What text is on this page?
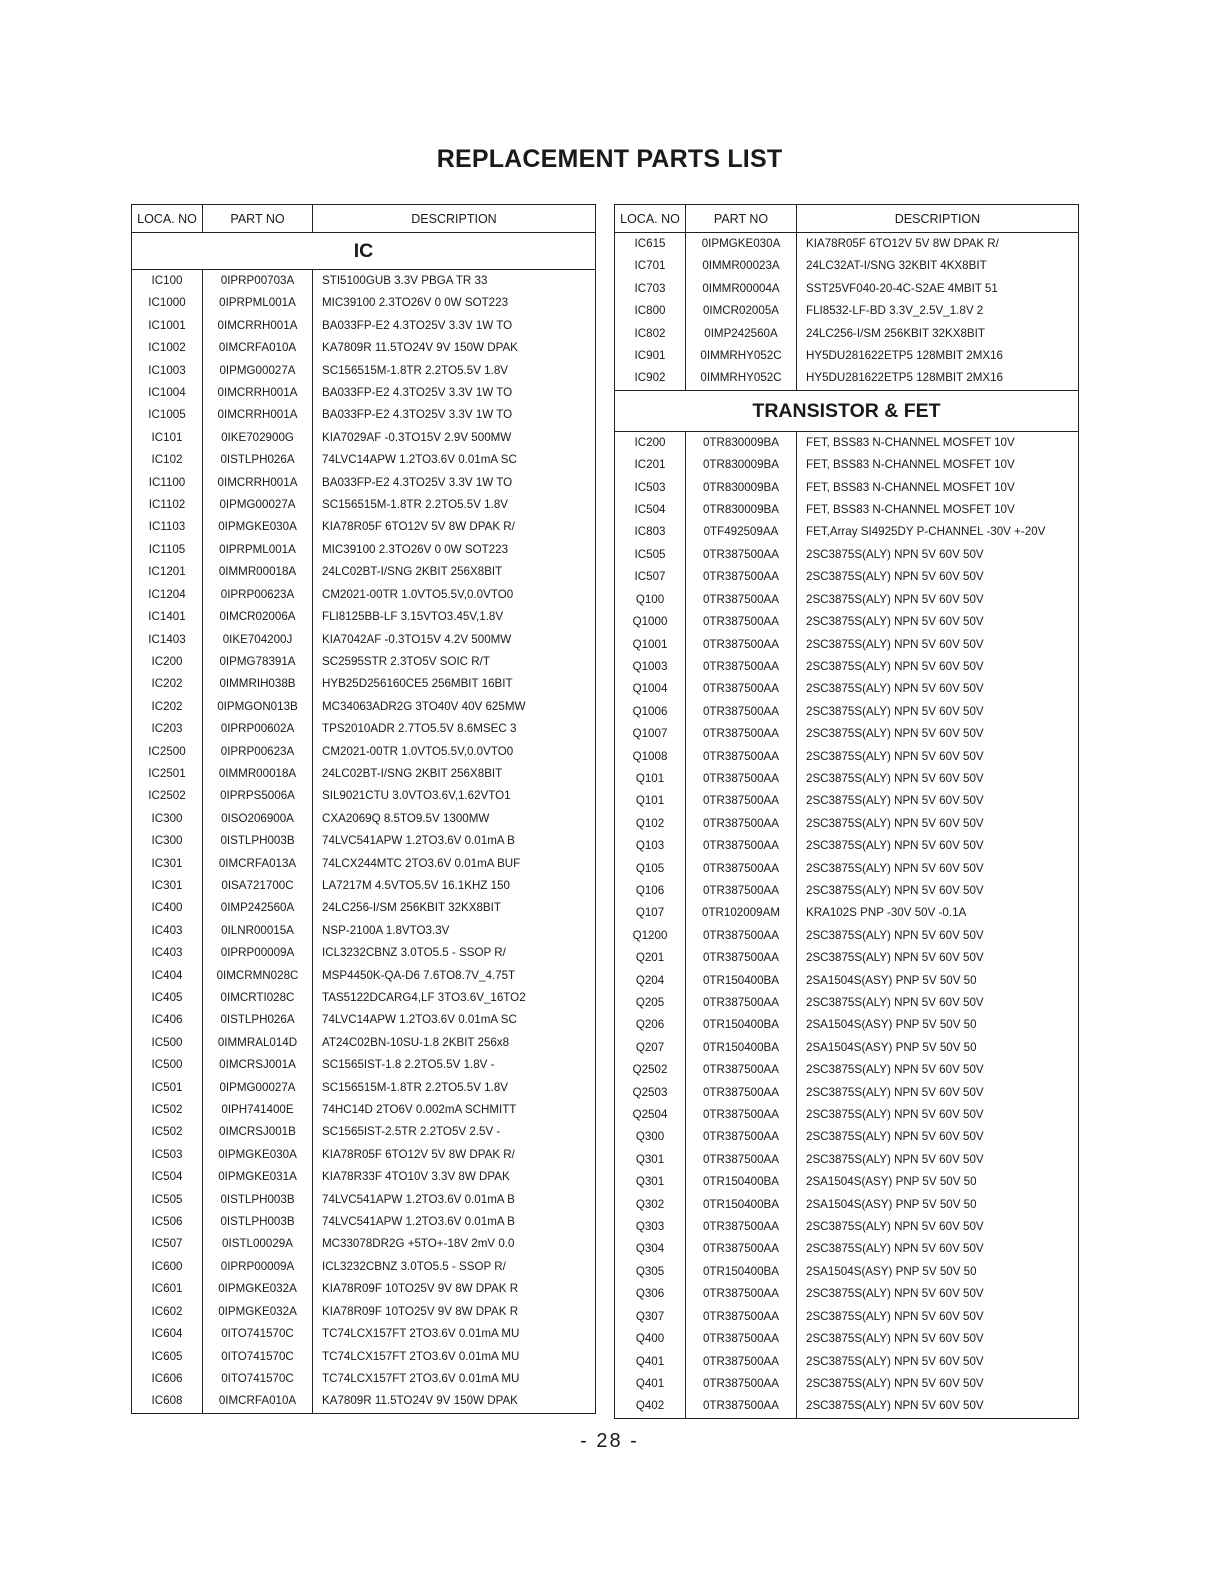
REPLACEMENT PARTS LIST
LOCA. NO	PART NO	DESCRIPTION
IC		
IC100	0IPRP00703A	STI5100GUB 3.3V PBGA TR 33
IC1000	0IPRPML001A	MIC39100 2.3TO26V 0 0W SOT223
IC1001	0IMCRRH001A	BA033FP-E2 4.3TO25V 3.3V 1W TO
IC1002	0IMCRFA010A	KA7809R 11.5TO24V 9V 150W DPAK
IC1003	0IPMG00027A	SC156515M-1.8TR 2.2TO5.5V 1.8V
IC1004	0IMCRRH001A	BA033FP-E2 4.3TO25V 3.3V 1W TO
IC1005	0IMCRRH001A	BA033FP-E2 4.3TO25V 3.3V 1W TO
IC101	0IKE702900G	KIA7029AF -0.3TO15V 2.9V 500MW
IC102	0ISTLPH026A	74LVC14APW 1.2TO3.6V 0.01mA SC
IC1100	0IMCRRH001A	BA033FP-E2 4.3TO25V 3.3V 1W TO
IC1102	0IPMG00027A	SC156515M-1.8TR 2.2TO5.5V 1.8V
IC1103	0IPMGKE030A	KIA78R05F 6TO12V 5V 8W DPAK R/
IC1105	0IPRPML001A	MIC39100 2.3TO26V 0 0W SOT223
IC1201	0IMMR00018A	24LC02BT-I/SNG 2KBIT 256X8BIT
IC1204	0IPRP00623A	CM2021-00TR 1.0VTO5.5V,0.0VTO0
IC1401	0IMCR02006A	FLI8125BB-LF 3.15VTO3.45V,1.8V
IC1403	0IKE704200J	KIA7042AF -0.3TO15V 4.2V 500MW
IC200	0IPMG78391A	SC2595STR 2.3TO5V SOIC R/T
IC202	0IMMRIH038B	HYB25D256160CE5 256MBIT 16BIT
IC202	0IPMGON013B	MC34063ADR2G 3TO40V 40V 625MW
IC203	0IPRP00602A	TPS2010ADR 2.7TO5.5V 8.6MSEC 3
IC2500	0IPRP00623A	CM2021-00TR 1.0VTO5.5V,0.0VTO0
IC2501	0IMMR00018A	24LC02BT-I/SNG 2KBIT 256X8BIT
IC2502	0IPRPS5006A	SIL9021CTU 3.0VTO3.6V,1.62VTO1
IC300	0ISO206900A	CXA2069Q 8.5TO9.5V 1300MW
IC300	0ISTLPH003B	74LVC541APW 1.2TO3.6V 0.01mA B
IC301	0IMCRFA013A	74LCX244MTC 2TO3.6V 0.01mA BUF
IC301	0ISA721700C	LA7217M 4.5VTO5.5V 16.1KHZ 150
IC400	0IMP242560A	24LC256-I/SM 256KBIT 32KX8BIT
IC403	0ILNR00015A	NSP-2100A 1.8VTO3.3V
IC403	0IPRP00009A	ICL3232CBNZ 3.0TO5.5 - SSOP R/
IC404	0IMCRMN028C	MSP4450K-QA-D6 7.6TO8.7V_4.75T
IC405	0IMCRTI028C	TAS5122DCARG4,LF 3TO3.6V_16TO2
IC406	0ISTLPH026A	74LVC14APW 1.2TO3.6V 0.01mA SC
IC500	0IMMRAL014D	AT24C02BN-10SU-1.8 2KBIT 256x8
IC500	0IMCRSJ001A	SC1565IST-1.8 2.2TO5.5V 1.8V -
IC501	0IPMG00027A	SC156515M-1.8TR 2.2TO5.5V 1.8V
IC502	0IPH741400E	74HC14D 2TO6V 0.002mA SCHMITT
IC502	0IMCRSJ001B	SC1565IST-2.5TR 2.2TO5V 2.5V -
IC503	0IPMGKE030A	KIA78R05F 6TO12V 5V 8W DPAK R/
IC504	0IPMGKE031A	KIA78R33F 4TO10V 3.3V 8W DPAK
IC505	0ISTLPH003B	74LVC541APW 1.2TO3.6V 0.01mA B
IC506	0ISTLPH003B	74LVC541APW 1.2TO3.6V 0.01mA B
IC507	0ISTL00029A	MC33078DR2G +5TO+-18V 2mV 0.0
IC600	0IPRP00009A	ICL3232CBNZ 3.0TO5.5 - SSOP R/
IC601	0IPMGKE032A	KIA78R09F 10TO25V 9V 8W DPAK R
IC602	0IPMGKE032A	KIA78R09F 10TO25V 9V 8W DPAK R
IC604	0ITO741570C	TC74LCX157FT 2TO3.6V 0.01mA MU
IC605	0ITO741570C	TC74LCX157FT 2TO3.6V 0.01mA MU
IC606	0ITO741570C	TC74LCX157FT 2TO3.6V 0.01mA MU
IC608	0IMCRFA010A	KA7809R 11.5TO24V 9V 150W DPAK
LOCA. NO	PART NO	DESCRIPTION
IC615	0IPMGKE030A	KIA78R05F 6TO12V 5V 8W DPAK R/
IC701	0IMMR00023A	24LC32AT-I/SNG 32KBIT 4KX8BIT
IC703	0IMMR00004A	SST25VF040-20-4C-S2AE 4MBIT 51
IC800	0IMCR02005A	FLI8532-LF-BD 3.3V_2.5V_1.8V 2
IC802	0IMP242560A	24LC256-I/SM 256KBIT 32KX8BIT
IC901	0IMMRHY052C	HY5DU281622ETP5 128MBIT 2MX16
IC902	0IMMRHY052C	HY5DU281622ETP5 128MBIT 2MX16
TRANSISTOR & FET		
IC200	0TR830009BA	FET, BSS83 N-CHANNEL MOSFET 10V
IC201	0TR830009BA	FET, BSS83 N-CHANNEL MOSFET 10V
IC503	0TR830009BA	FET, BSS83 N-CHANNEL MOSFET 10V
IC504	0TR830009BA	FET, BSS83 N-CHANNEL MOSFET 10V
IC803	0TF492509AA	FET,Array SI4925DY P-CHANNEL -30V +-20V
IC505	0TR387500AA	2SC3875S(ALY) NPN 5V 60V 50V
IC507	0TR387500AA	2SC3875S(ALY) NPN 5V 60V 50V
Q100	0TR387500AA	2SC3875S(ALY) NPN 5V 60V 50V
Q1000	0TR387500AA	2SC3875S(ALY) NPN 5V 60V 50V
Q1001	0TR387500AA	2SC3875S(ALY) NPN 5V 60V 50V
Q1003	0TR387500AA	2SC3875S(ALY) NPN 5V 60V 50V
Q1004	0TR387500AA	2SC3875S(ALY) NPN 5V 60V 50V
Q1006	0TR387500AA	2SC3875S(ALY) NPN 5V 60V 50V
Q1007	0TR387500AA	2SC3875S(ALY) NPN 5V 60V 50V
Q1008	0TR387500AA	2SC3875S(ALY) NPN 5V 60V 50V
Q101	0TR387500AA	2SC3875S(ALY) NPN 5V 60V 50V
Q101	0TR387500AA	2SC3875S(ALY) NPN 5V 60V 50V
Q102	0TR387500AA	2SC3875S(ALY) NPN 5V 60V 50V
Q103	0TR387500AA	2SC3875S(ALY) NPN 5V 60V 50V
Q105	0TR387500AA	2SC3875S(ALY) NPN 5V 60V 50V
Q106	0TR387500AA	2SC3875S(ALY) NPN 5V 60V 50V
Q107	0TR102009AM	KRA102S PNP -30V 50V -0.1A
Q1200	0TR387500AA	2SC3875S(ALY) NPN 5V 60V 50V
Q201	0TR387500AA	2SC3875S(ALY) NPN 5V 60V 50V
Q204	0TR150400BA	2SA1504S(ASY) PNP 5V 50V 50
Q205	0TR387500AA	2SC3875S(ALY) NPN 5V 60V 50V
Q206	0TR150400BA	2SA1504S(ASY) PNP 5V 50V 50
Q207	0TR150400BA	2SA1504S(ASY) PNP 5V 50V 50
Q2502	0TR387500AA	2SC3875S(ALY) NPN 5V 60V 50V
Q2503	0TR387500AA	2SC3875S(ALY) NPN 5V 60V 50V
Q2504	0TR387500AA	2SC3875S(ALY) NPN 5V 60V 50V
Q300	0TR387500AA	2SC3875S(ALY) NPN 5V 60V 50V
Q301	0TR387500AA	2SC3875S(ALY) NPN 5V 60V 50V
Q301	0TR150400BA	2SA1504S(ASY) PNP 5V 50V 50
Q302	0TR150400BA	2SA1504S(ASY) PNP 5V 50V 50
Q303	0TR387500AA	2SC3875S(ALY) NPN 5V 60V 50V
Q304	0TR387500AA	2SC3875S(ALY) NPN 5V 60V 50V
Q305	0TR150400BA	2SA1504S(ASY) PNP 5V 50V 50
Q306	0TR387500AA	2SC3875S(ALY) NPN 5V 60V 50V
Q307	0TR387500AA	2SC3875S(ALY) NPN 5V 60V 50V
Q400	0TR387500AA	2SC3875S(ALY) NPN 5V 60V 50V
Q401	0TR387500AA	2SC3875S(ALY) NPN 5V 60V 50V
Q401	0TR387500AA	2SC3875S(ALY) NPN 5V 60V 50V
Q402	0TR387500AA	2SC3875S(ALY) NPN 5V 60V 50V
- 28 -
